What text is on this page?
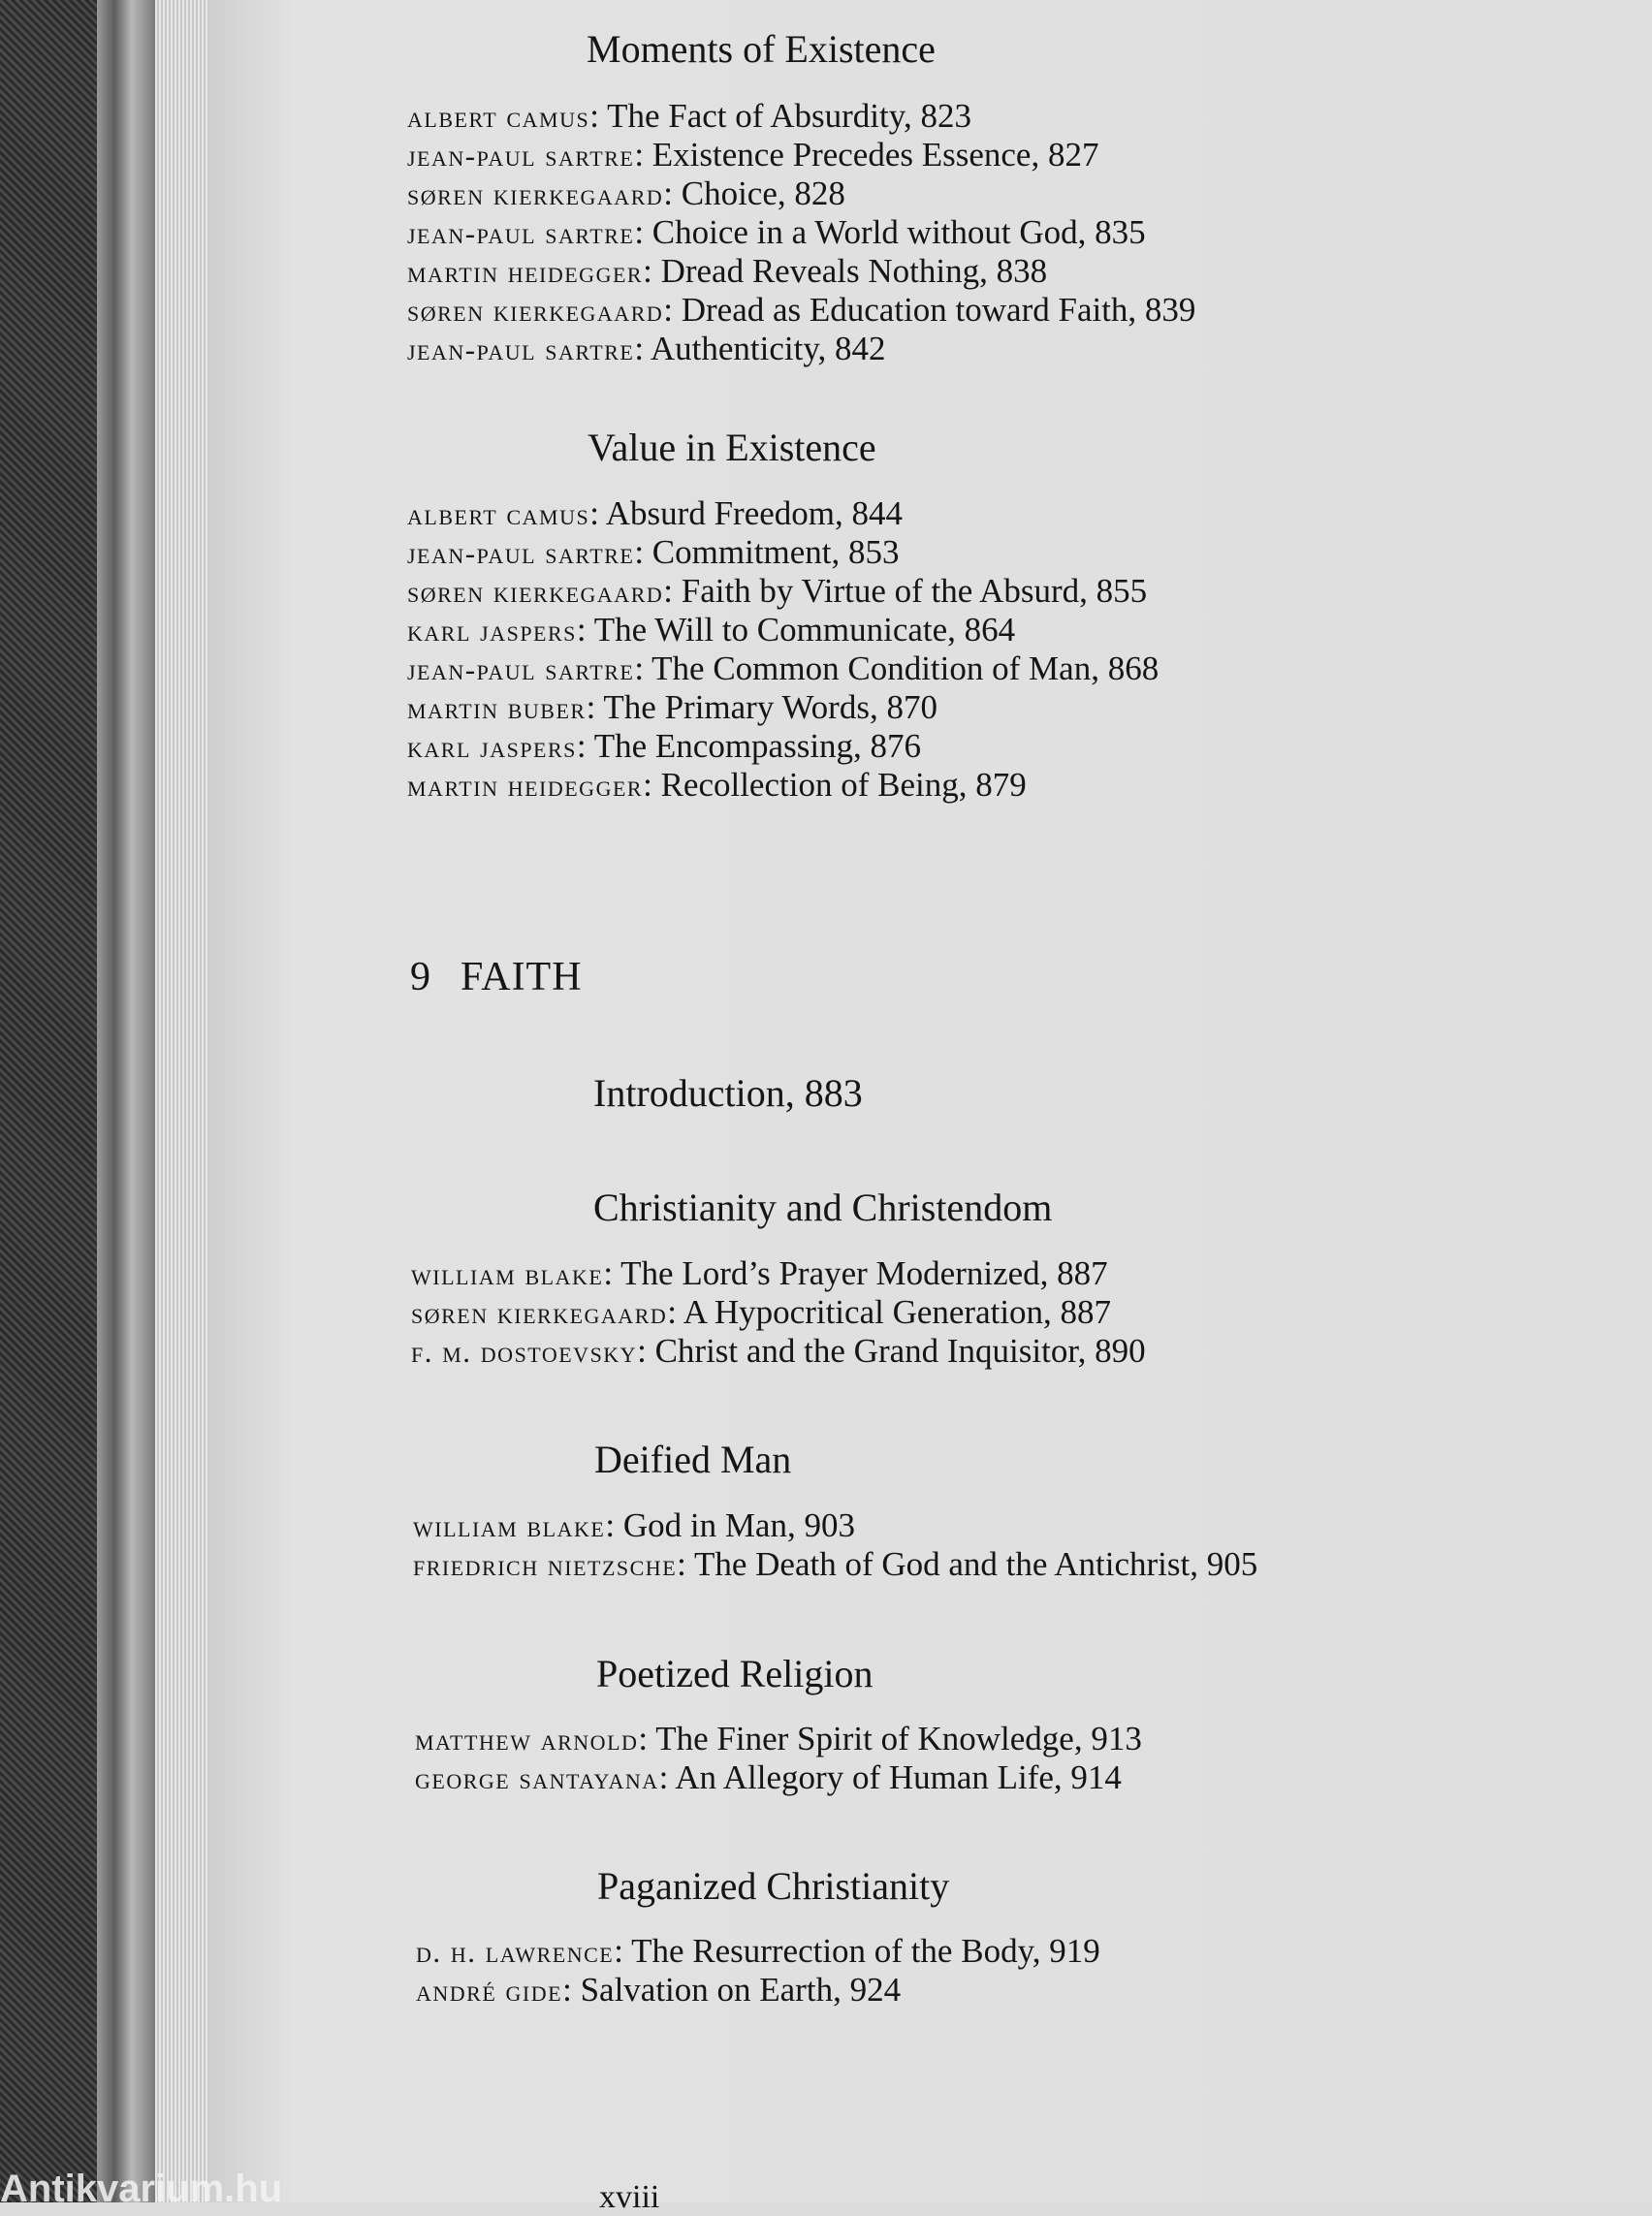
Moments of Existence
albert camus: The Fact of Absurdity, 823
jean-paul sartre: Existence Precedes Essence, 827
søren kierkegaard: Choice, 828
jean-paul sartre: Choice in a World without God, 835
martin heidegger: Dread Reveals Nothing, 838
søren kierkegaard: Dread as Education toward Faith, 839
jean-paul sartre: Authenticity, 842
Value in Existence
albert camus: Absurd Freedom, 844
jean-paul sartre: Commitment, 853
søren kierkegaard: Faith by Virtue of the Absurd, 855
karl jaspers: The Will to Communicate, 864
jean-paul sartre: The Common Condition of Man, 868
martin buber: The Primary Words, 870
karl jaspers: The Encompassing, 876
martin heidegger: Recollection of Being, 879
9 FAITH
Introduction, 883
Christianity and Christendom
william blake: The Lord’s Prayer Modernized, 887
søren kierkegaard: A Hypocritical Generation, 887
f. m. dostoevsky: Christ and the Grand Inquisitor, 890
Deified Man
william blake: God in Man, 903
friedrich nietzsche: The Death of God and the Antichrist, 905
Poetized Religion
matthew arnold: The Finer Spirit of Knowledge, 913
george santayana: An Allegory of Human Life, 914
Paganized Christianity
d. h. lawrence: The Resurrection of the Body, 919
andré gide: Salvation on Earth, 924
xviii
Antikvarium.hu
